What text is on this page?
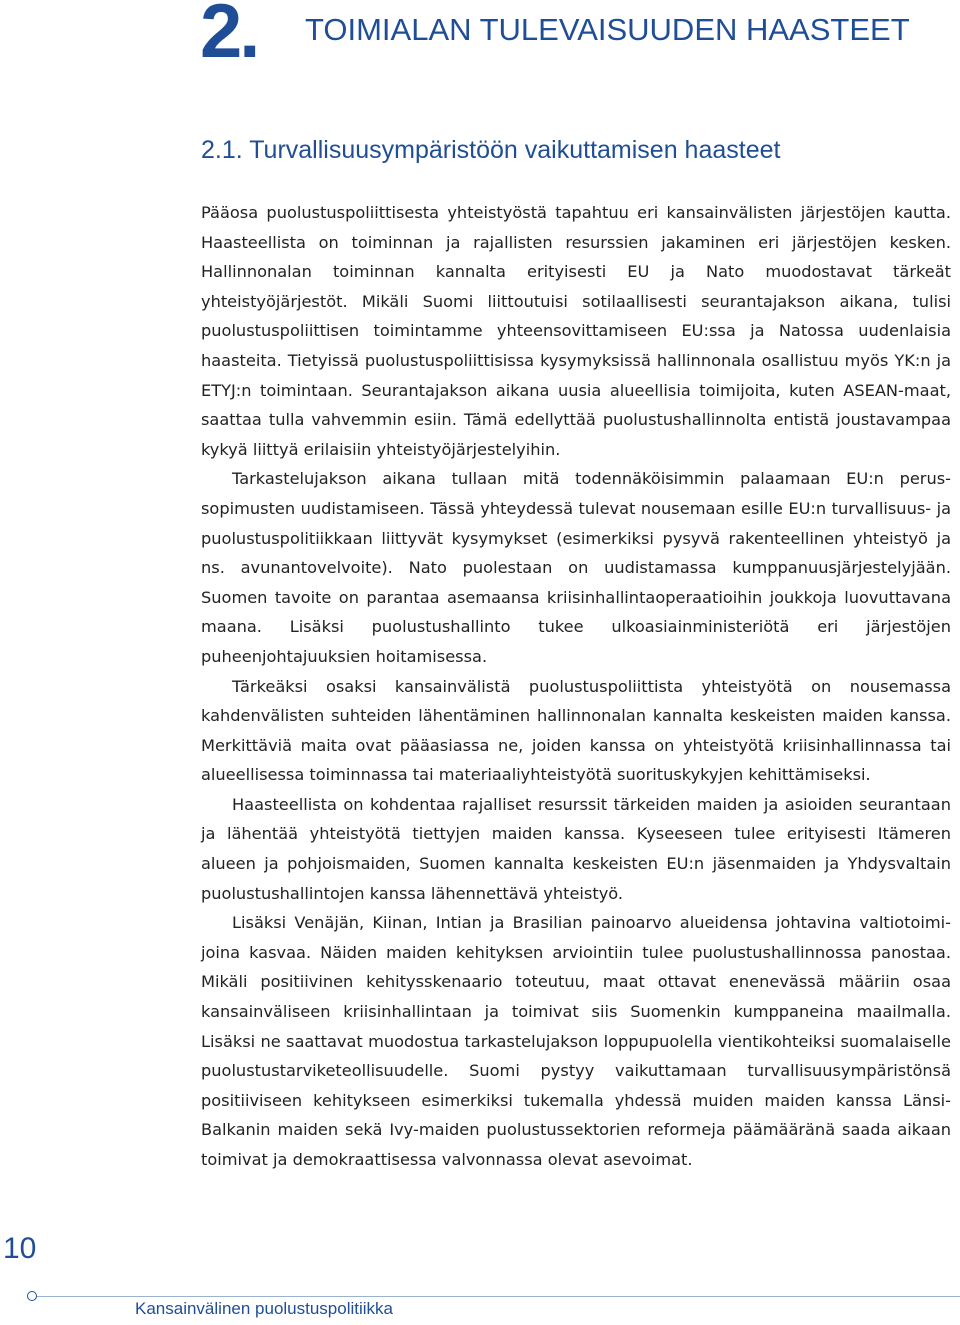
2. TOIMIALAN TULEVAISUUDEN HAASTEET
2.1. Turvallisuusympäristöön vaikuttamisen haasteet

Pääosa puolustuspoliittisesta yhteistyöstä tapahtuu eri kansainvälisten järjestöjen kautta. Haasteellista on toiminnan ja rajallisten resurssien jakaminen eri järjestöjen kesken. Hallinnonalan toiminnan kannalta erityisesti EU ja Nato muodostavat tärkeät yhteistyöjärjestöt. Mikäli Suomi liittoutuisi sotilaallisesti seurantajakson aikana, tulisi puolustuspoliittisen toimintamme yhteensovittamiseen EU:ssa ja Natossa uudenlaisia haasteita. Tietyissä puolustuspoliittisissa kysymyksissä hallinnonala osallistuu myös YK:n ja ETYJ:n toimintaan. Seurantajakson aikana uusia alueellisia toimijoita, kuten ASEAN-maat, saattaa tulla vahvemmin esiin. Tämä edellyttää puolustushallinnolta entistä joustavampaa kykyä liittyä erilaisiin yhteistyöjärjestelyihin.

Tarkastelujakson aikana tullaan mitä todennäköisimmin palaamaan EU:n perussopimusten uudistamiseen. Tässä yhteydessä tulevat nousemaan esille EU:n turvallisuus- ja puolustuspolitiikkaan liittyvät kysymykset (esimerkiksi pysyvä rakenteellinen yhteistyö ja ns. avunantovelvoite). Nato puolestaan on uudistamassa kumppanuusjärjestelyjään. Suomen tavoite on parantaa asemaansa kriisinhallintaoperaatioihin joukkoja luovuttavana maana. Lisäksi puolustushallinto tukee ulkoasiainministeriötä eri järjestöjen puheenjohtajuuksien hoitamisessa.

Tärkeäksi osaksi kansainvälistä puolustuspoliittista yhteistyötä on nousemassa kahdenvälisten suhteiden lähentäminen hallinnonalan kannalta keskeisten maiden kanssa. Merkittäviä maita ovat pääasiassa ne, joiden kanssa on yhteistyötä kriisinhallinnassa tai alueellisessa toiminnassa tai materiaaliyhteistyötä suorituskykyjen kehittämiseksi.

Haasteellista on kohdentaa rajalliset resurssit tärkeiden maiden ja asioiden seurantaan ja lähentää yhteistyötä tiettyjen maiden kanssa. Kyseeseen tulee erityisesti Itämeren alueen ja pohjoismaiden, Suomen kannalta keskeisten EU:n jäsenmaiden ja Yhdysvaltain puolustushallintojen kanssa lähennettävä yhteistyö.

Lisäksi Venäjän, Kiinan, Intian ja Brasilian painoarvo alueidensa johtavina valtiotoimijoina kasvaa. Näiden maiden kehityksen arviointiin tulee puolustushallinnossa panostaa. Mikäli positiivinen kehitysskenaario toteutuu, maat ottavat enenevässä määriin osaa kansainväliseen kriisinhallintaan ja toimivat siis Suomenkin kumppaneina maailmalla. Lisäksi ne saattavat muodostua tarkastelujakson loppupuolella vientikohteiksi suomalaiselle puolustustarviketeollisuudelle. Suomi pystyy vaikuttamaan turvallisuusympäristönsä positiiviseen kehitykseen esimerkiksi tukemalla yhdessä muiden maiden kanssa Länsi-Balkanin maiden sekä Ivy-maiden puolustussektorien reformeja päämääränä saada aikaan toimivat ja demokraattisessa valvonnassa olevat asevoimat.

10
Kansainvälinen puolustuspolitiikka
